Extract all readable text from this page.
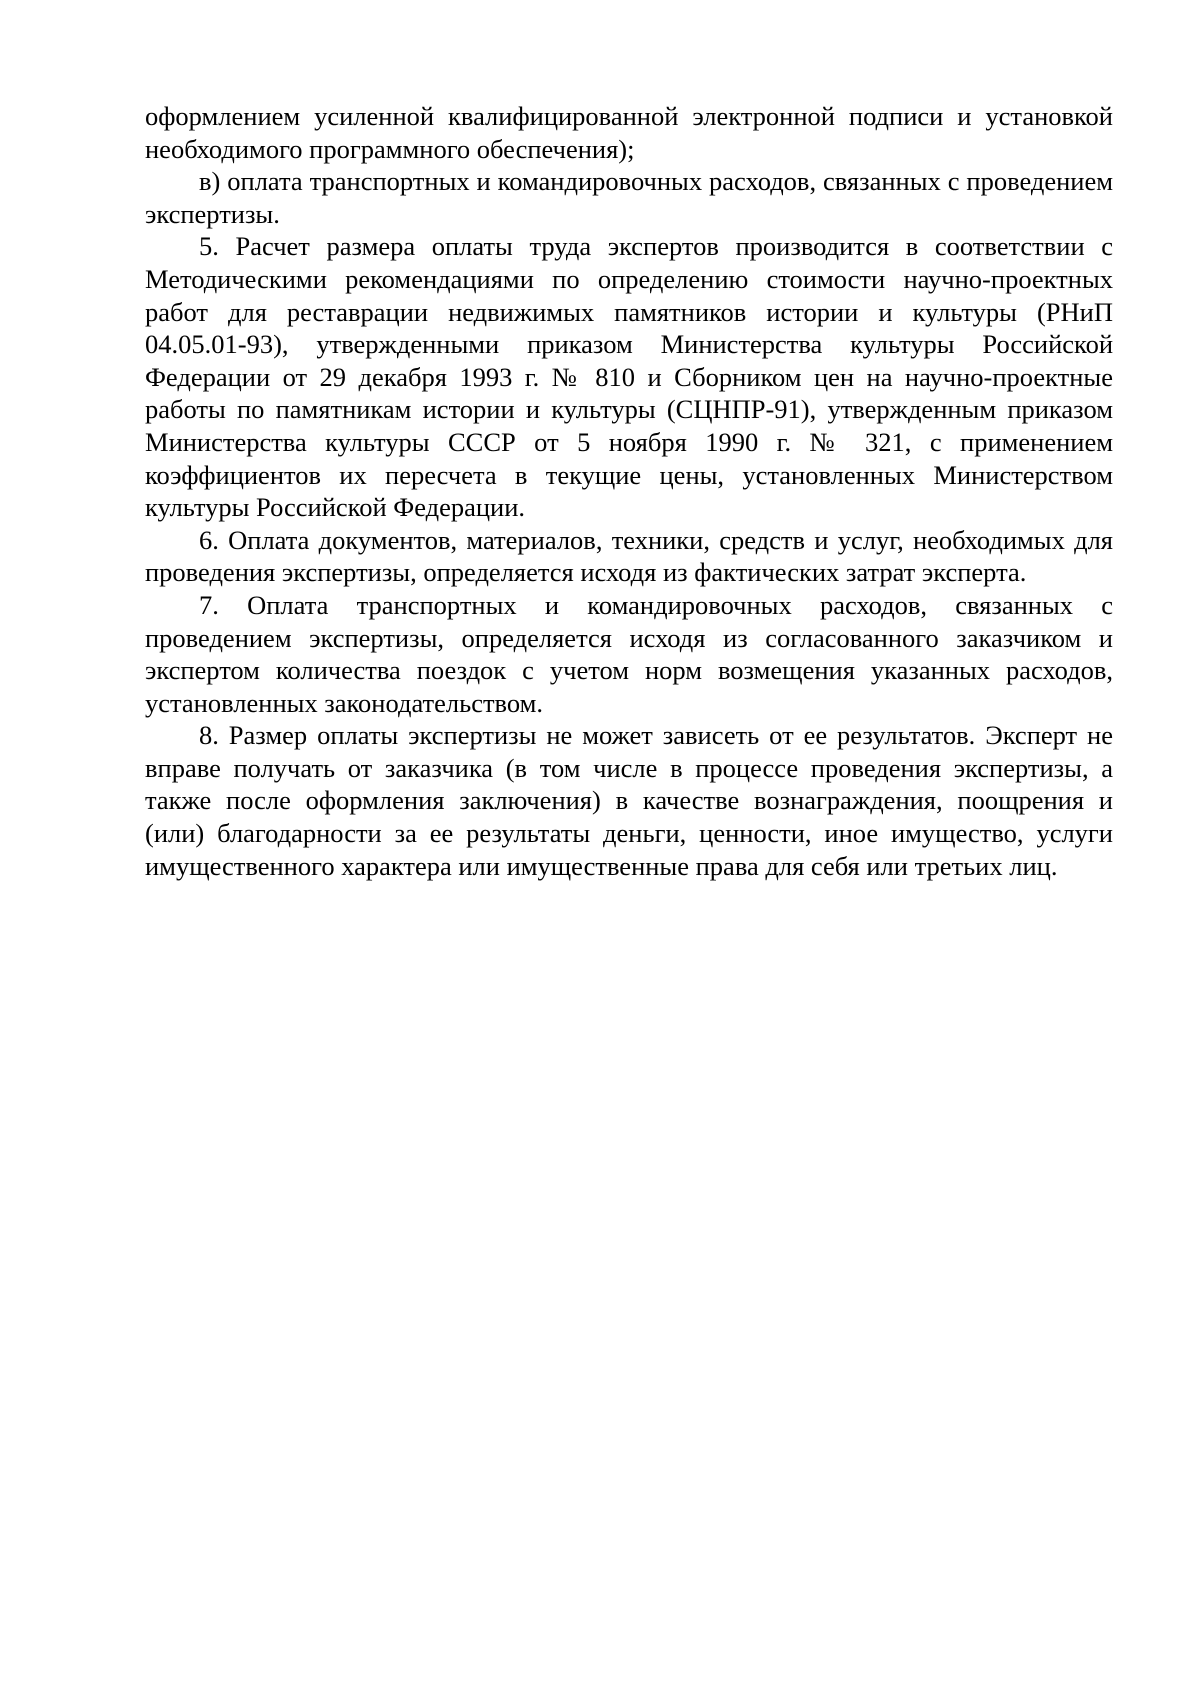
оформлением усиленной квалифицированной электронной подписи и установкой необходимого программного обеспечения);

в) оплата транспортных и командировочных расходов, связанных с проведением экспертизы.

5. Расчет размера оплаты труда экспертов производится в соответствии с Методическими рекомендациями по определению стоимости научно-проектных работ для реставрации недвижимых памятников истории и культуры (РНиП 04.05.01-93), утвержденными приказом Министерства культуры Российской Федерации от 29 декабря 1993 г. № 810 и Сборником цен на научно-проектные работы по памятникам истории и культуры (СЦНПР-91), утвержденным приказом Министерства культуры СССР от 5 ноября 1990 г. № 321, с применением коэффициентов их пересчета в текущие цены, установленных Министерством культуры Российской Федерации.

6. Оплата документов, материалов, техники, средств и услуг, необходимых для проведения экспертизы, определяется исходя из фактических затрат эксперта.

7. Оплата транспортных и командировочных расходов, связанных с проведением экспертизы, определяется исходя из согласованного заказчиком и экспертом количества поездок с учетом норм возмещения указанных расходов, установленных законодательством.

8. Размер оплаты экспертизы не может зависеть от ее результатов. Эксперт не вправе получать от заказчика (в том числе в процессе проведения экспертизы, а также после оформления заключения) в качестве вознаграждения, поощрения и (или) благодарности за ее результаты деньги, ценности, иное имущество, услуги имущественного характера или имущественные права для себя или третьих лиц.
